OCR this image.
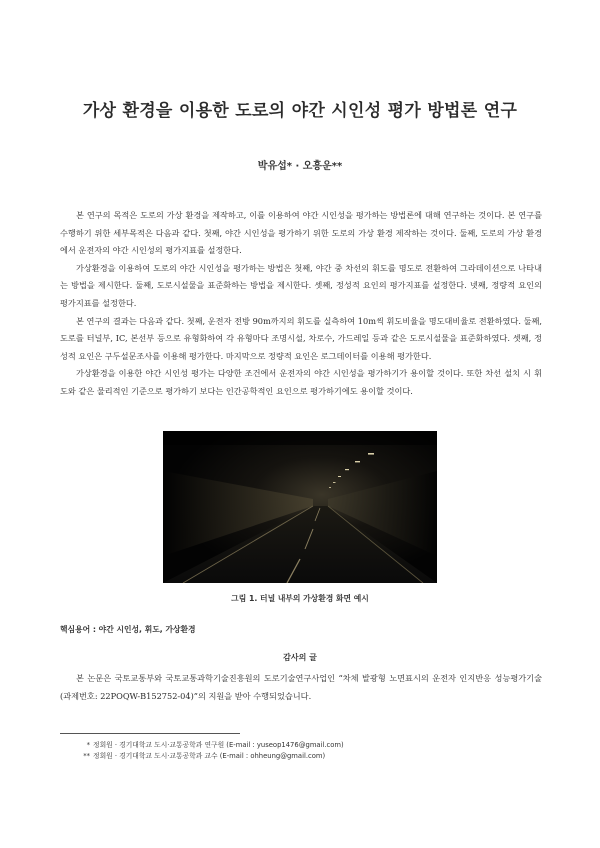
가상 환경을 이용한 도로의 야간 시인성 평가 방법론 연구
박유섭* · 오흥운**

본 연구의 목적은 도로의 가상 환경을 제작하고, 이를 이용하여 야간 시인성을 평가하는 방법론에 대해 연구하는 것이다. 본 연구를 수행하기 위한 세부목적은 다음과 같다. 첫째, 야간 시인성을 평가하기 위한 도로의 가상 환경 제작하는 것이다. 둘째, 도로의 가상 환경에서 운전자의 야간 시인성의 평가지표를 설정한다.

가상환경을 이용하여 도로의 야간 시인성을 평가하는 방법은 첫째, 야간 중 차선의 휘도를 명도로 전환하여 그라데이션으로 나타내는 방법을 제시한다. 둘째, 도로시설물을 표준화하는 방법을 제시한다. 셋째, 정성적 요인의 평가지표를 설정한다. 넷째, 정량적 요인의 평가지표를 설정한다.

본 연구의 결과는 다음과 같다. 첫째, 운전자 전방 90m까지의 휘도를 실측하여 10m씩 휘도비율을 명도대비율로 전환하였다. 둘째, 도로를 터널부, IC, 본선부 등으로 유형화하여 각 유형마다 조명시설, 차로수, 가드레일 등과 같은 도로시설물을 표준화하였다. 셋째, 정성적 요인은 구두설문조사를 이용해 평가한다. 마지막으로 정량적 요인은 로그데이터를 이용해 평가한다.

가상환경을 이용한 야간 시인성 평가는 다양한 조건에서 운전자의 야간 시인성을 평가하기가 용이할 것이다. 또한 차선 설치 시 휘도와 같은 물리적인 기준으로 평가하기 보다는 인간공학적인 요인으로 평가하기에도 용이할 것이다.

그림 1. 터널 내부의 가상환경 화면 예시
핵심용어 : 야간 시인성, 휘도, 가상환경
감사의 글

본 논문은 국토교통부와 국토교통과학기술진흥원의 도로기술연구사업인 “차체 발광형 노면표시의 운전자 인지반응 성능평가기술(과제번호: 22POQW-B152752-04)”의 지원을 받아 수행되었습니다.

* 정회원 · 경기대학교 도시·교통공학과 연구원 (E-mail : yuseop1476@gmail.com)
** 정회원 · 경기대학교 도시·교통공학과 교수 (E-mail : ohheung@gmail.com)
